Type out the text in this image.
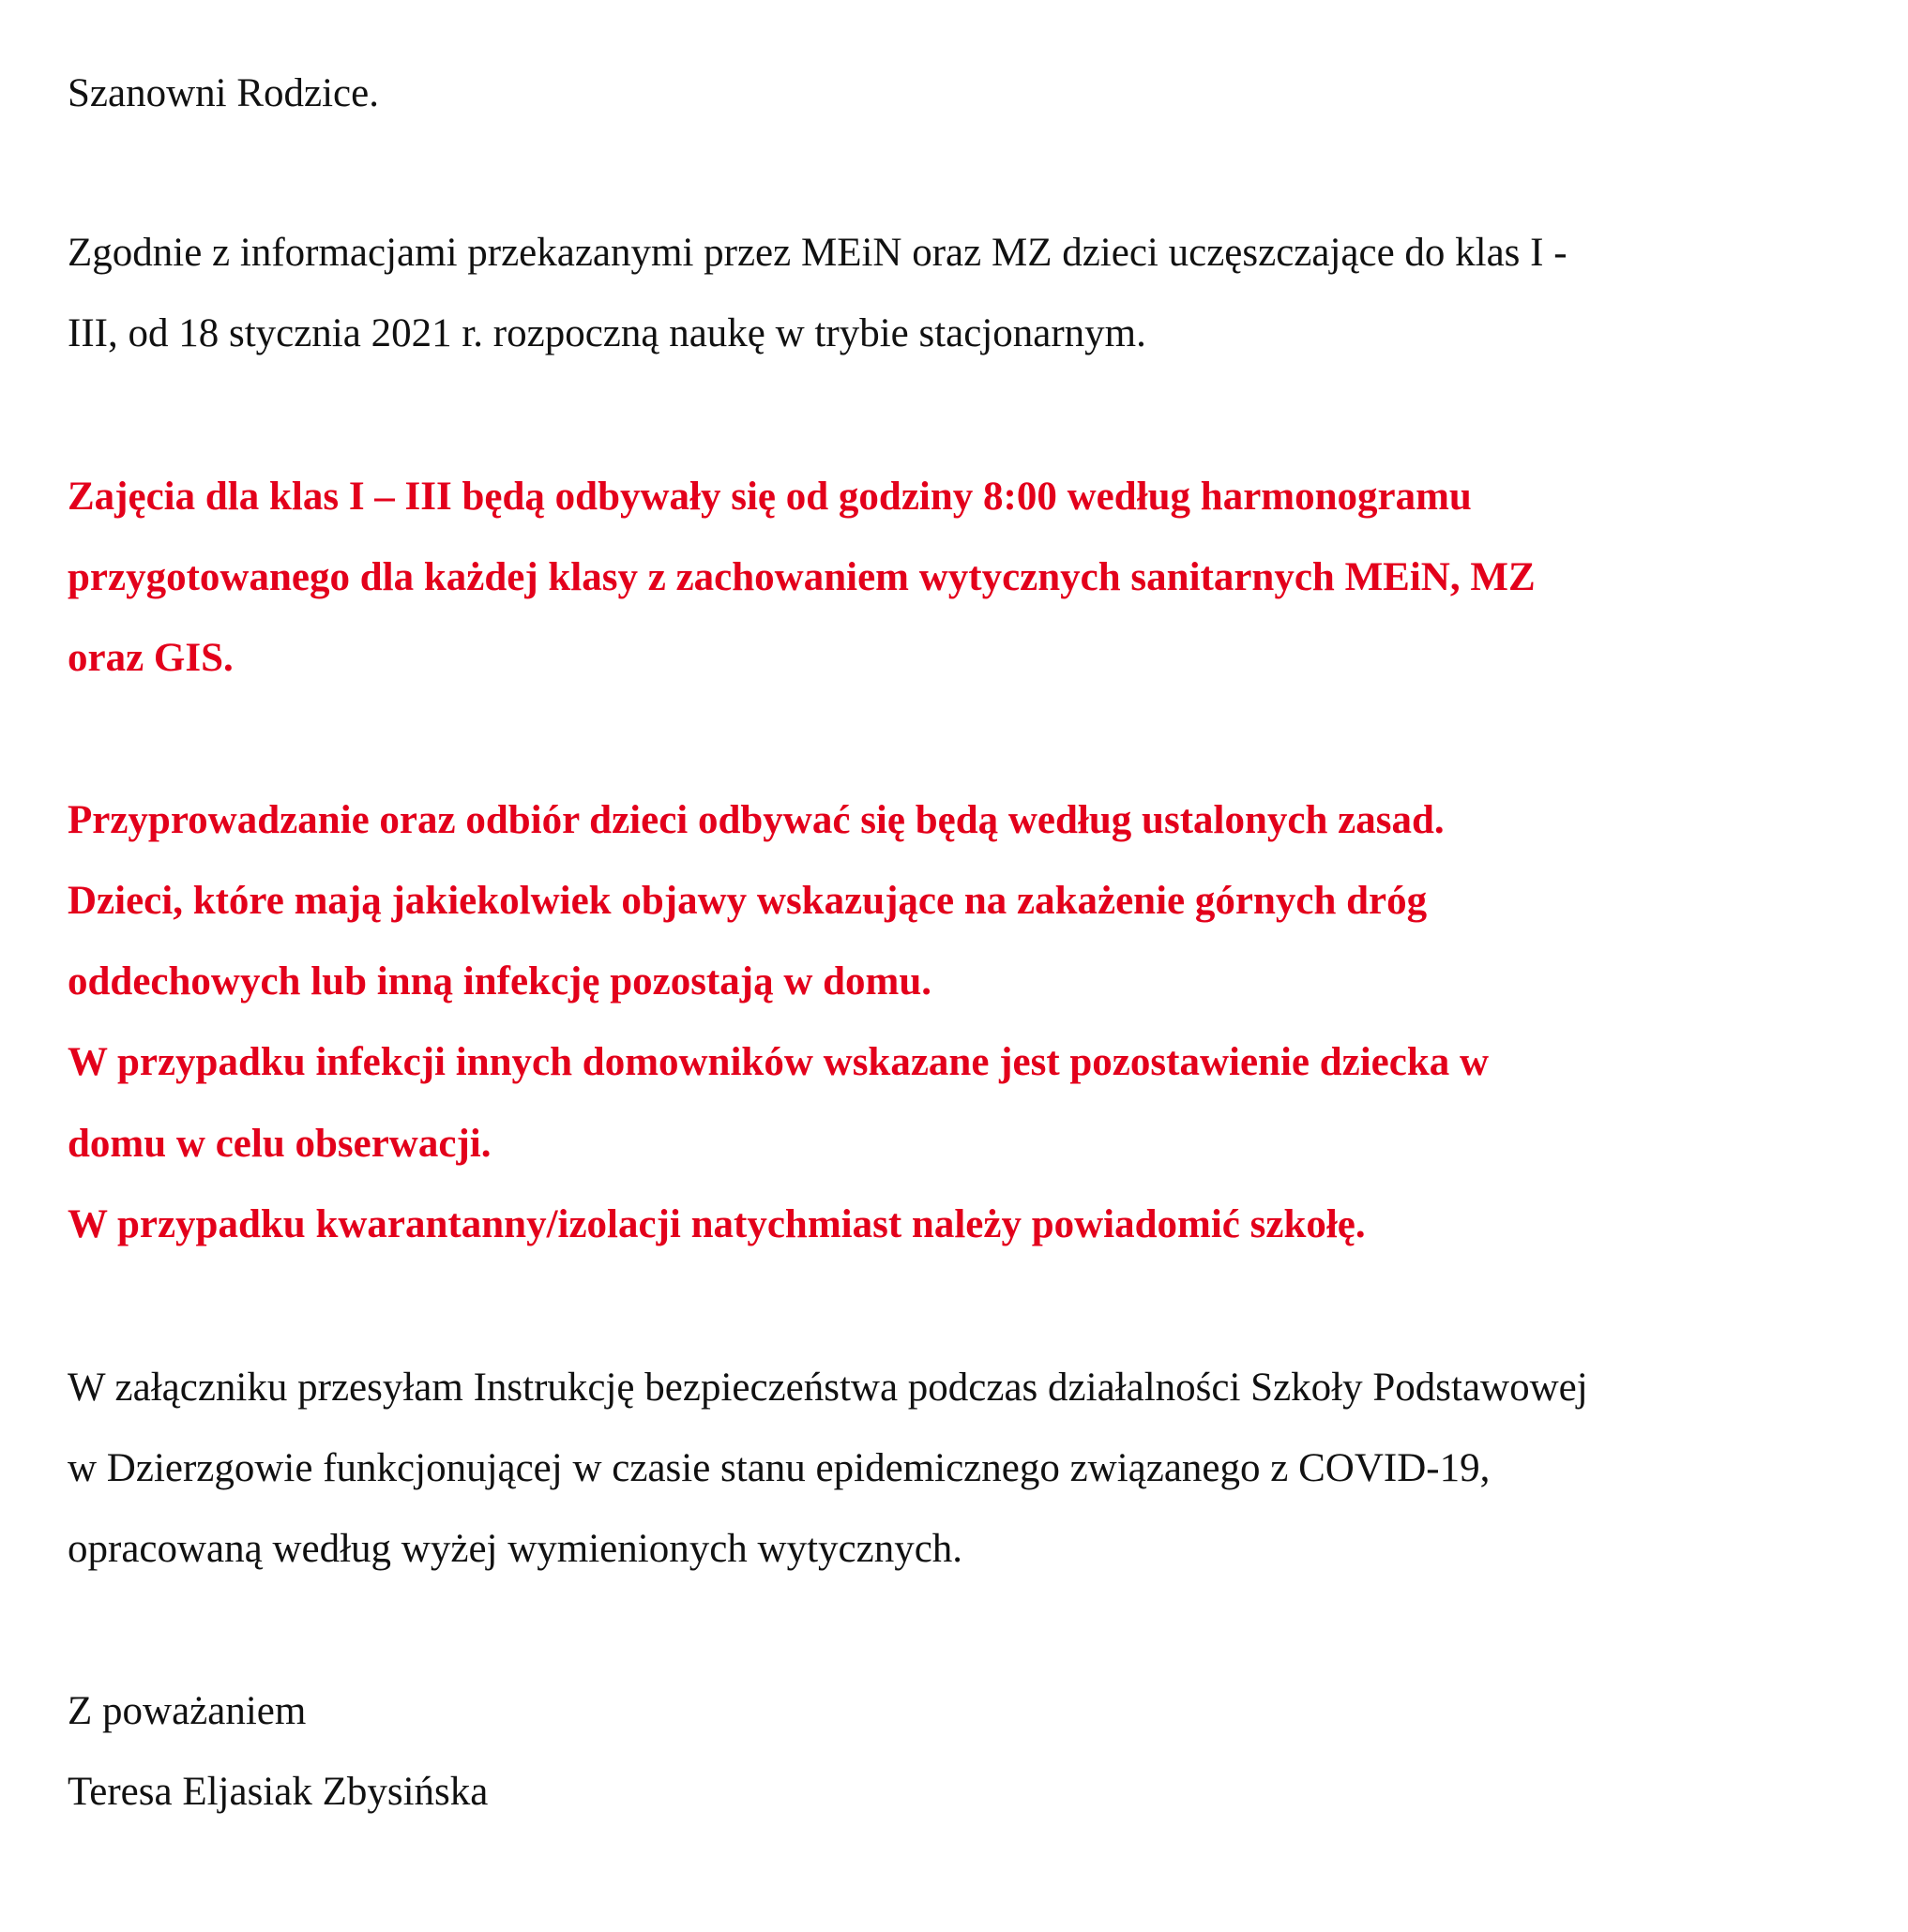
Szanowni Rodzice.
Zgodnie z informacjami przekazanymi przez MEiN oraz MZ dzieci uczęszczające do klas I -
III, od 18 stycznia 2021 r. rozpoczną naukę w trybie stacjonarnym.
Zajęcia dla klas I – III będą odbywały się od godziny 8:00 według harmonogramu
przygotowanego dla każdej klasy z zachowaniem wytycznych sanitarnych MEiN, MZ
oraz GIS.
Przyprowadzanie oraz odbiór dzieci odbywać się będą według ustalonych zasad.
Dzieci, które mają jakiekolwiek objawy wskazujące na zakażenie górnych dróg
oddechowych lub inną infekcję pozostają w domu.
W przypadku infekcji innych domowników wskazane jest pozostawienie dziecka w
domu w celu obserwacji.
W przypadku kwarantanny/izolacji natychmiast należy powiadomić szkołę.
W załączniku przesyłam Instrukcję bezpieczeństwa podczas działalności Szkoły Podstawowej
w Dzierzgowie funkcjonującej w czasie stanu epidemicznego związanego z COVID-19,
opracowaną według wyżej wymienionych wytycznych.
Z poważaniem
Teresa Eljasiak Zbysińska
